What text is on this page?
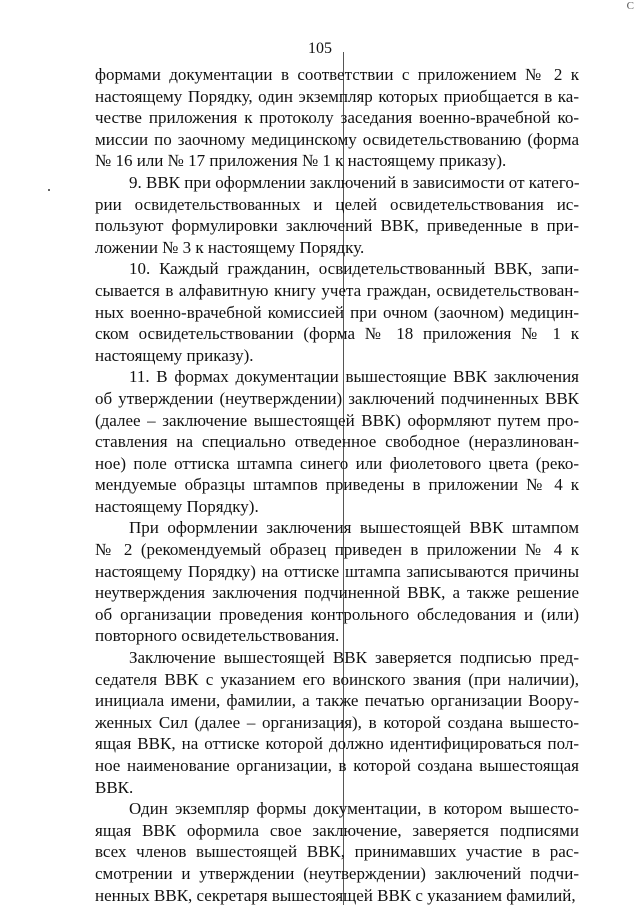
С
105
формами документации в соответствии с приложением № 2 к
настоящему Порядку, один экземпляр которых приобщается в ка-
честве приложения к протоколу заседания военно-врачебной ко-
миссии по заочному медицинскому освидетельствованию (форма
№ 16 или № 17 приложения № 1 к настоящему приказу).
9. ВВК при оформлении заключений в зависимости от катего-
рии освидетельствованных и целей освидетельствования ис-
пользуют формулировки заключений ВВК, приведенные в при-
ложении № 3 к настоящему Порядку.
10. Каждый гражданин, освидетельствованный ВВК, запи-
сывается в алфавитную книгу учета граждан, освидетельствован-
ных военно-врачебной комиссией при очном (заочном) медицин-
ском освидетельствовании (форма № 18 приложения № 1 к
настоящему приказу).
11. В формах документации вышестоящие ВВК заключения
об утверждении (неутверждении) заключений подчиненных ВВК
(далее – заключение вышестоящей ВВК) оформляют путем про-
ставления на специально отведенное свободное (неразлинован-
ное) поле оттиска штампа синего или фиолетового цвета (реко-
мендуемые образцы штампов приведены в приложении № 4 к
настоящему Порядку).
При оформлении заключения вышестоящей ВВК штампом
№ 2 (рекомендуемый образец приведен в приложении № 4 к
настоящему Порядку) на оттиске штампа записываются причины
неутверждения заключения подчиненной ВВК, а также решение
об организации проведения контрольного обследования и (или)
повторного освидетельствования.
Заключение вышестоящей ВВК заверяется подписью пред-
седателя ВВК с указанием его воинского звания (при наличии),
инициала имени, фамилии, а также печатью организации Воору-
женных Сил (далее – организация), в которой создана вышесто-
ящая ВВК, на оттиске которой должно идентифицироваться пол-
ное наименование организации, в которой создана вышестоящая
ВВК.
Один экземпляр формы документации, в котором вышесто-
ящая ВВК оформила свое заключение, заверяется подписями
всех членов вышестоящей ВВК, принимавших участие в рас-
смотрении и утверждении (неутверждении) заключений подчи-
ненных ВВК, секретаря вышестоящей ВВК с указанием фамилий,
